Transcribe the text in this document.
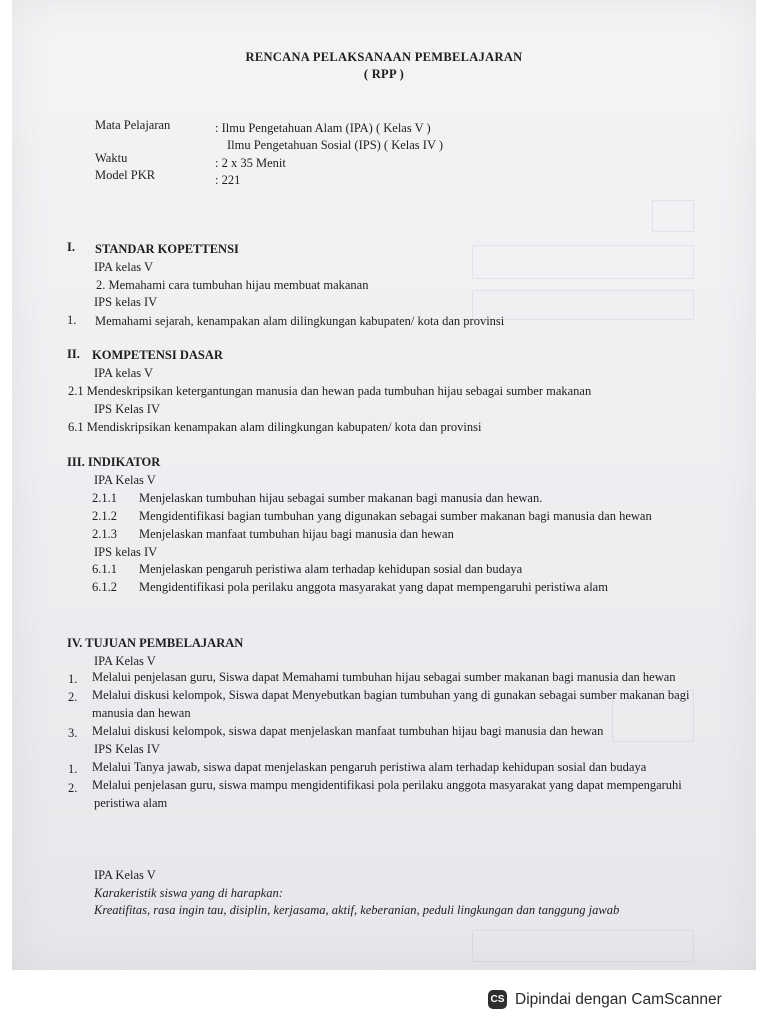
RENCANA PELAKSANAAN PEMBELAJARAN
( RPP )
Mata Pelajaran	: Ilmu Pengetahuan Alam (IPA) ( Kelas V )
Ilmu Pengetahuan Sosial (IPS) ( Kelas IV )
Waktu	: 2 x 35 Menit
Model PKR	: 221
I. STANDAR KOPETTENSI
IPA kelas V
2. Memahami cara tumbuhan hijau membuat makanan
IPS kelas IV
1. Memahami sejarah, kenampakan alam dilingkungan kabupaten/ kota dan provinsi
II. KOMPETENSI DASAR
IPA kelas V
2.1 Mendeskripsikan ketergantungan manusia dan hewan pada tumbuhan hijau sebagai sumber makanan
IPS Kelas IV
6.1 Mendiskripsikan kenampakan alam dilingkungan kabupaten/ kota dan provinsi
III. INDIKATOR
IPA Kelas V
2.1.1 Menjelaskan tumbuhan hijau sebagai sumber makanan bagi manusia dan hewan.
2.1.2 Mengidentifikasi bagian tumbuhan yang digunakan sebagai sumber makanan bagi manusia dan hewan
2.1.3 Menjelaskan manfaat tumbuhan hijau bagi manusia dan hewan
IPS kelas IV
6.1.1 Menjelaskan pengaruh peristiwa alam terhadap kehidupan sosial dan budaya
6.1.2 Mengidentifikasi pola perilaku anggota masyarakat yang dapat mempengaruhi peristiwa alam
IV. TUJUAN PEMBELAJARAN
IPA Kelas V
1. Melalui penjelasan guru, Siswa dapat Memahami tumbuhan hijau sebagai sumber makanan bagi manusia dan hewan
2. Melalui diskusi kelompok, Siswa dapat Menyebutkan bagian tumbuhan yang di gunakan sebagai sumber makanan bagi
manusia dan hewan
3. Melalui diskusi kelompok, siswa dapat menjelaskan manfaat tumbuhan hijau bagi manusia dan hewan
IPS Kelas IV
1. Melalui Tanya jawab, siswa dapat menjelaskan pengaruh peristiwa alam terhadap kehidupan sosial dan budaya
2. Melalui penjelasan guru, siswa mampu mengidentifikasi pola perilaku anggota masyarakat yang dapat mempengaruhi
peristiwa alam
IPA Kelas V
Karakeristik siswa yang di harapkan:
Kreatifitas, rasa ingin tau, disiplin, kerjasama, aktif, keberanian, peduli lingkungan dan tanggung jawab
CS Dipindai dengan CamScanner
